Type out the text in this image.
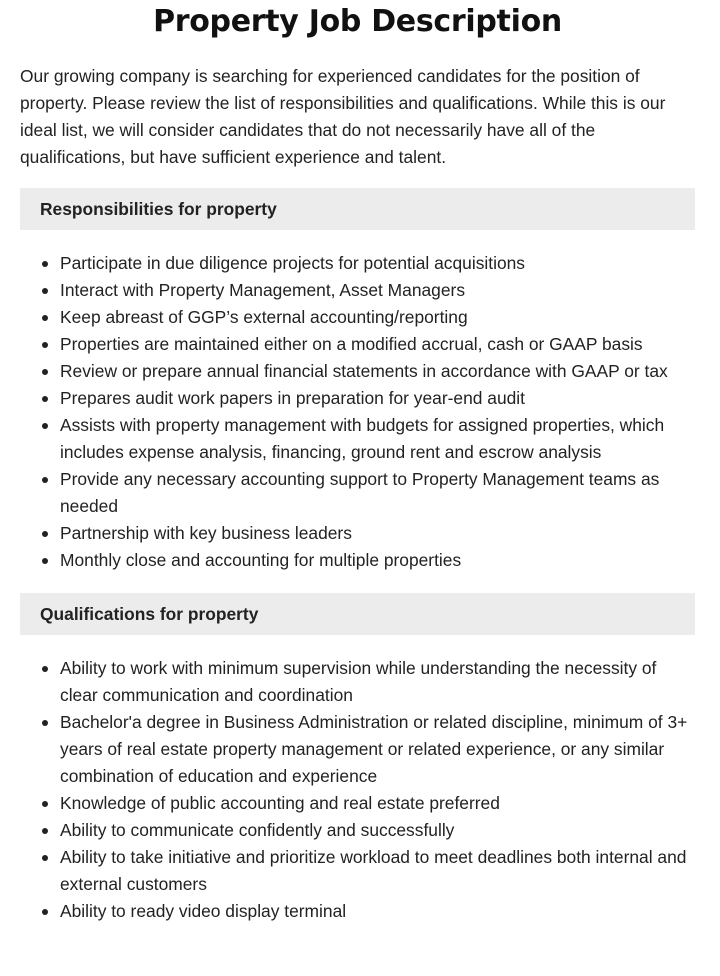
Property Job Description

Our growing company is searching for experienced candidates for the position of property. Please review the list of responsibilities and qualifications. While this is our ideal list, we will consider candidates that do not necessarily have all of the qualifications, but have sufficient experience and talent.

Responsibilities for property
Participate in due diligence projects for potential acquisitions
Interact with Property Management, Asset Managers
Keep abreast of GGP’s external accounting/reporting
Properties are maintained either on a modified accrual, cash or GAAP basis
Review or prepare annual financial statements in accordance with GAAP or tax
Prepares audit work papers in preparation for year-end audit
Assists with property management with budgets for assigned properties, which includes expense analysis, financing, ground rent and escrow analysis
Provide any necessary accounting support to Property Management teams as needed
Partnership with key business leaders
Monthly close and accounting for multiple properties
Qualifications for property
Ability to work with minimum supervision while understanding the necessity of clear communication and coordination
Bachelor'a degree in Business Administration or related discipline, minimum of 3+ years of real estate property management or related experience, or any similar combination of education and experience
Knowledge of public accounting and real estate preferred
Ability to communicate confidently and successfully
Ability to take initiative and prioritize workload to meet deadlines both internal and external customers
Ability to ready video display terminal
